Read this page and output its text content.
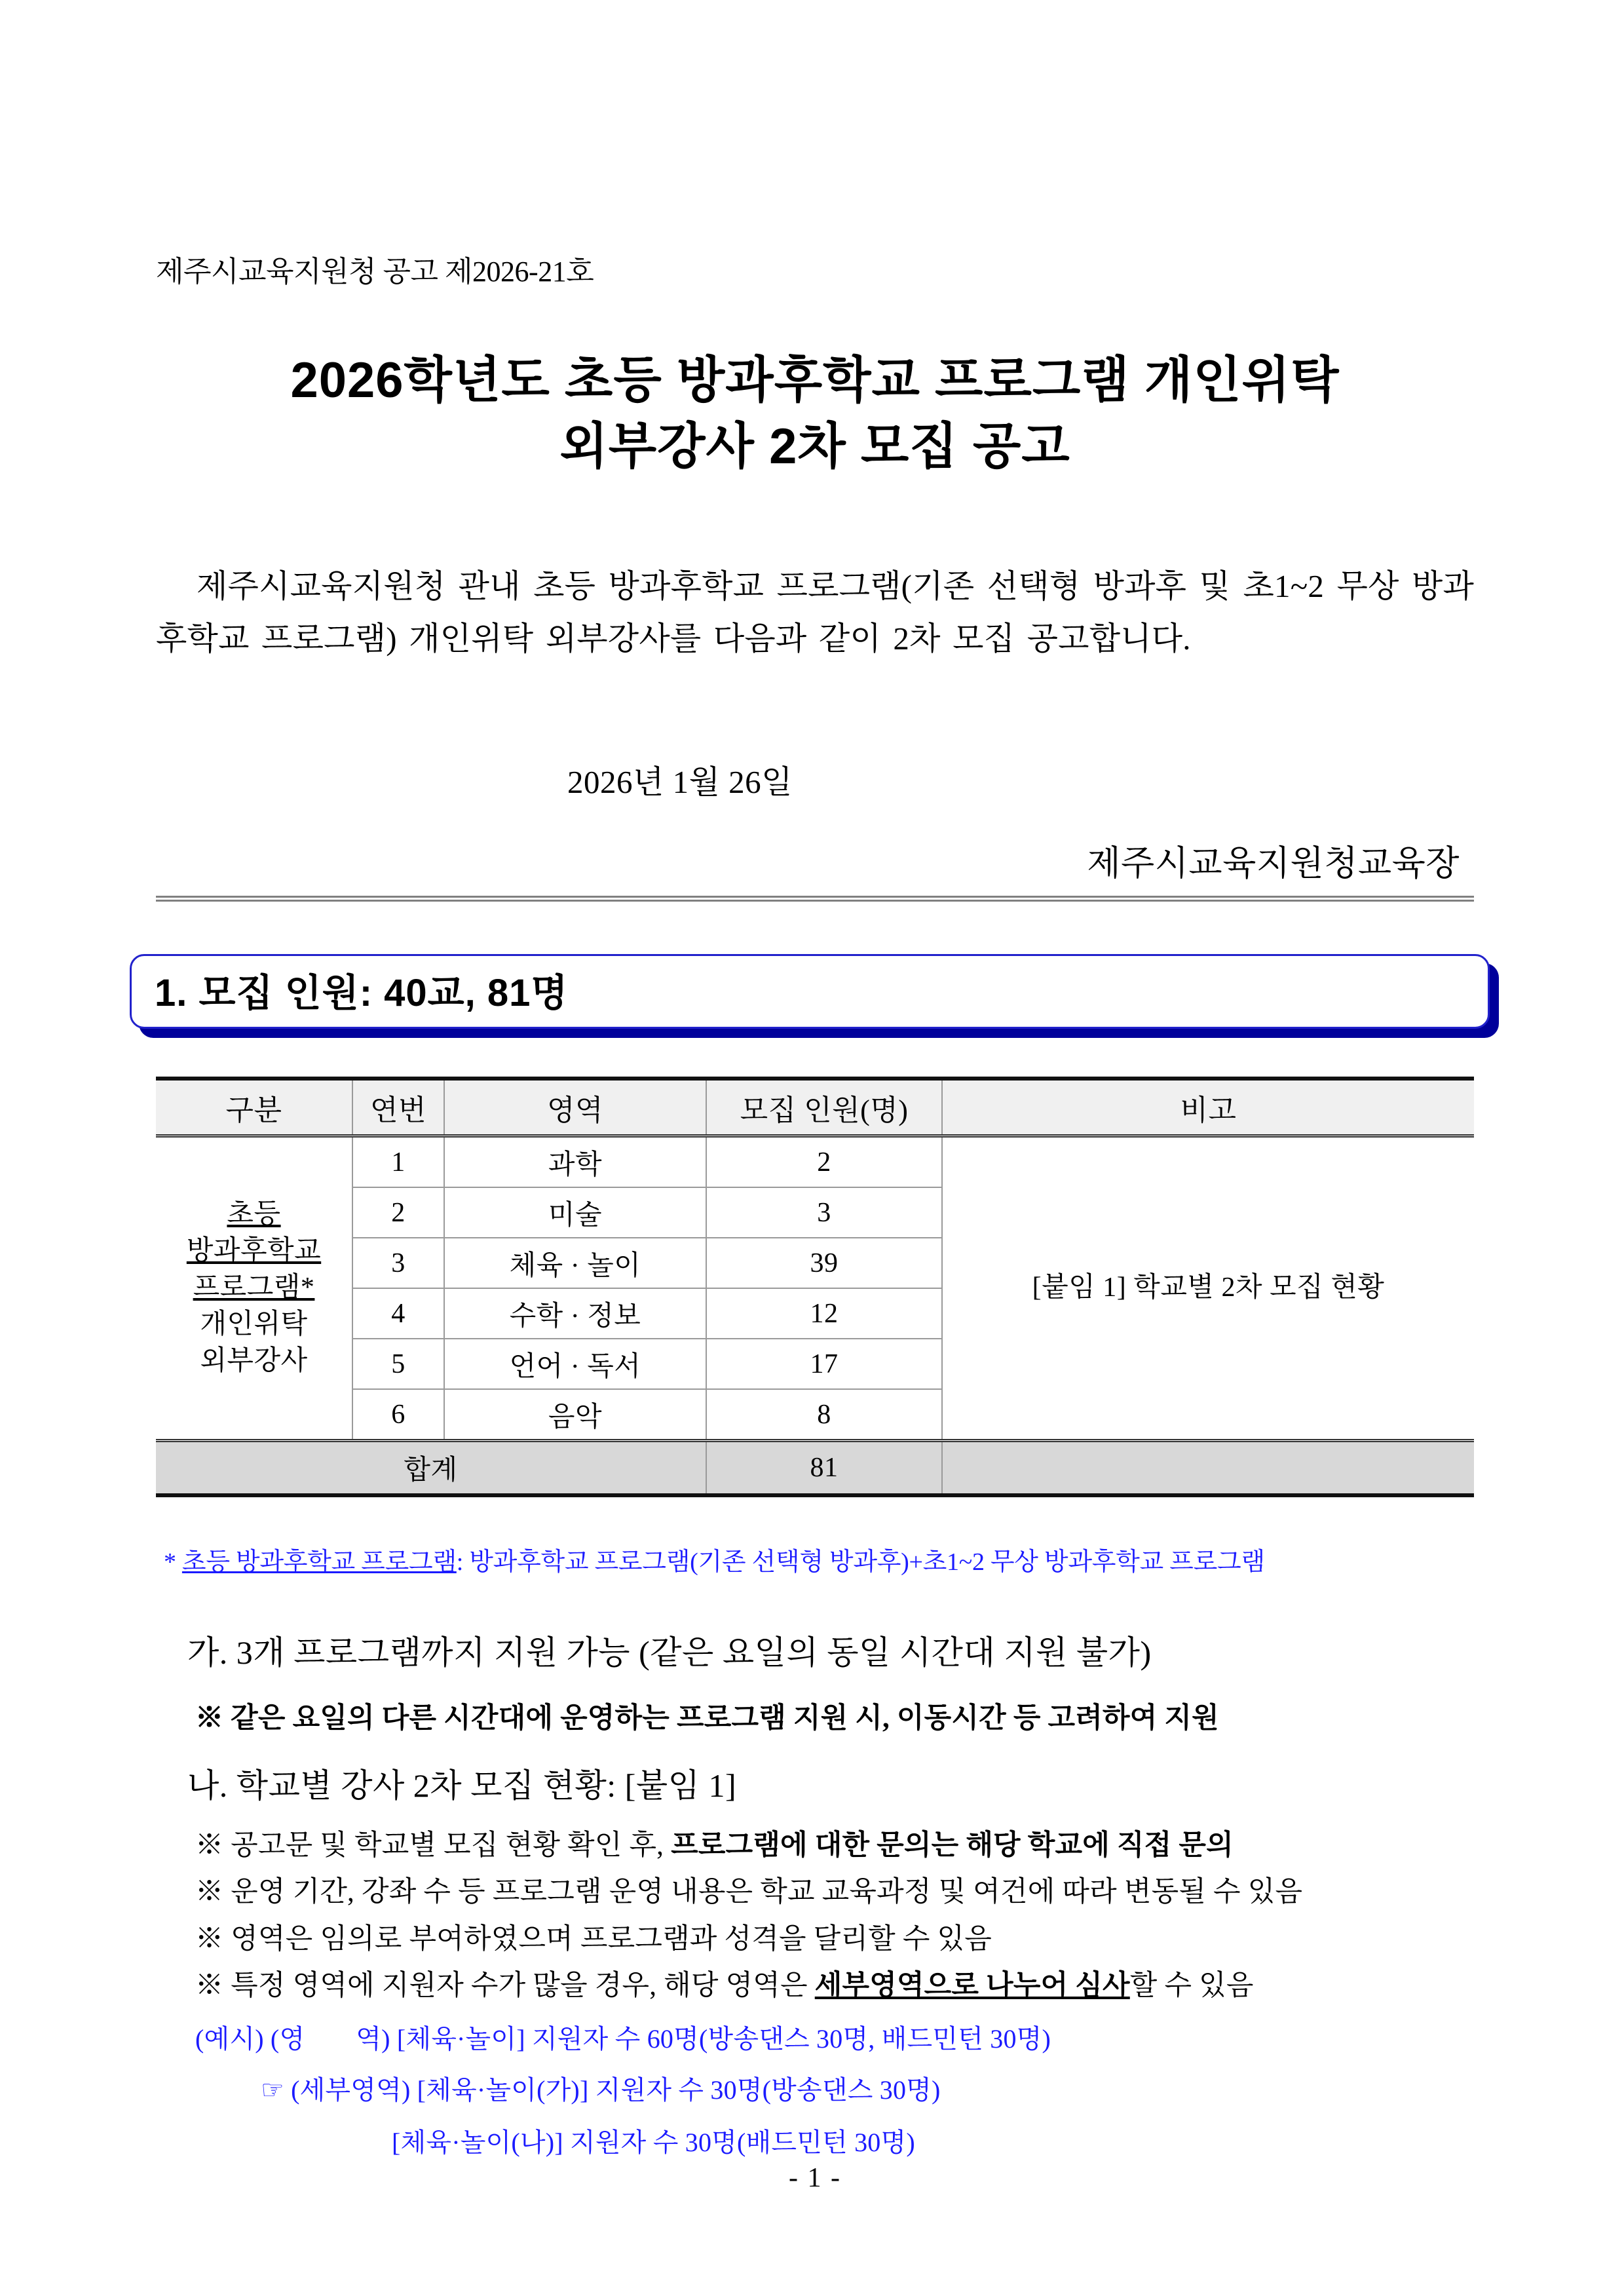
제주시교육지원청 공고 제2026-21호
2026학년도 초등 방과후학교 프로그램 개인위탁
외부강사 2차 모집 공고
제주시교육지원청 관내 초등 방과후학교 프로그램(기존 선택형 방과후 및 초1~2 무상 방과후학교 프로그램) 개인위탁 외부강사를 다음과 같이 2차 모집 공고합니다.
2026년 1월 26일
제주시교육지원청교육장
1. 모집 인원: 40교, 81명
구분	연번	영역	모집 인원(명)	비고
초등
방과후학교
프로그램*
개인위탁
외부강사	1	과학	2	[붙임 1] 학교별 2차 모집 현황
	2	미술	3	
	3	체육 · 놀이	39	
	4	수학 · 정보	12	
	5	언어 · 독서	17	
	6	음악	8	
합계			81	
* 초등 방과후학교 프로그램: 방과후학교 프로그램(기존 선택형 방과후)+초1~2 무상 방과후학교 프로그램
가. 3개 프로그램까지 지원 가능 (같은 요일의 동일 시간대 지원 불가)
※ 같은 요일의 다른 시간대에 운영하는 프로그램 지원 시, 이동시간 등 고려하여 지원
나. 학교별 강사 2차 모집 현황: [붙임 1]
※ 공고문 및 학교별 모집 현황 확인 후, 프로그램에 대한 문의는 해당 학교에 직접 문의
※ 운영 기간, 강좌 수 등 프로그램 운영 내용은 학교 교육과정 및 여건에 따라 변동될 수 있음
※ 영역은 임의로 부여하였으며 프로그램과 성격을 달리할 수 있음
※ 특정 영역에 지원자 수가 많을 경우, 해당 영역은 세부영역으로 나누어 심사할 수 있음
(예시) (영 역) [체육·놀이] 지원자 수 60명(방송댄스 30명, 배드민턴 30명)
☞ (세부영역) [체육·놀이(가)] 지원자 수 30명(방송댄스 30명)
[체육·놀이(나)] 지원자 수 30명(배드민턴 30명)
- 1 -
